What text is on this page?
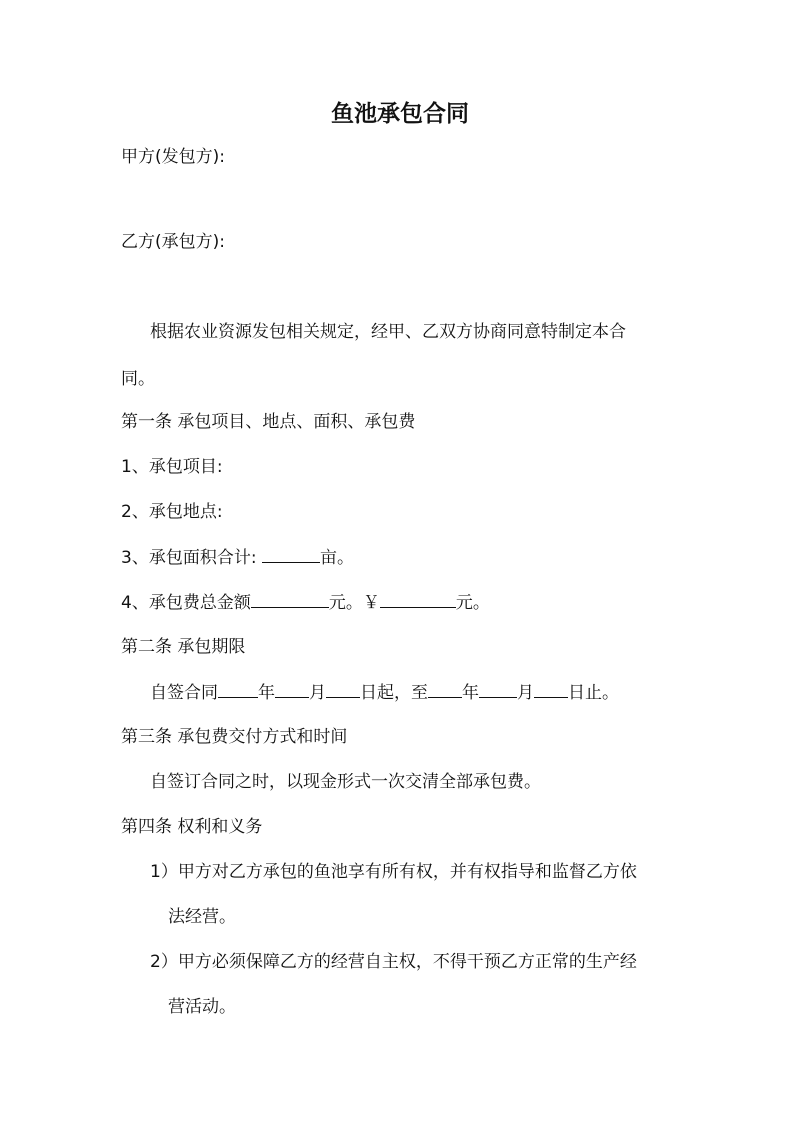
鱼池承包合同
甲方(发包方):
乙方(承包方):
根据农业资源发包相关规定，经甲、乙双方协商同意特制定本合
同。
第一条 承包项目、地点、面积、承包费
1、承包项目:
2、承包地点:
3、承包面积合计:	亩。
4、承包费总金额	元。￥	元。
第二条 承包期限
自签合同 年 月 日起，至 年 月 日止。
第三条 承包费交付方式和时间
自签订合同之时，以现金形式一次交清全部承包费。
第四条 权利和义务
1）甲方对乙方承包的鱼池享有所有权，并有权指导和监督乙方依
法经营。
2）甲方必须保障乙方的经营自主权，不得干预乙方正常的生产经
营活动。
